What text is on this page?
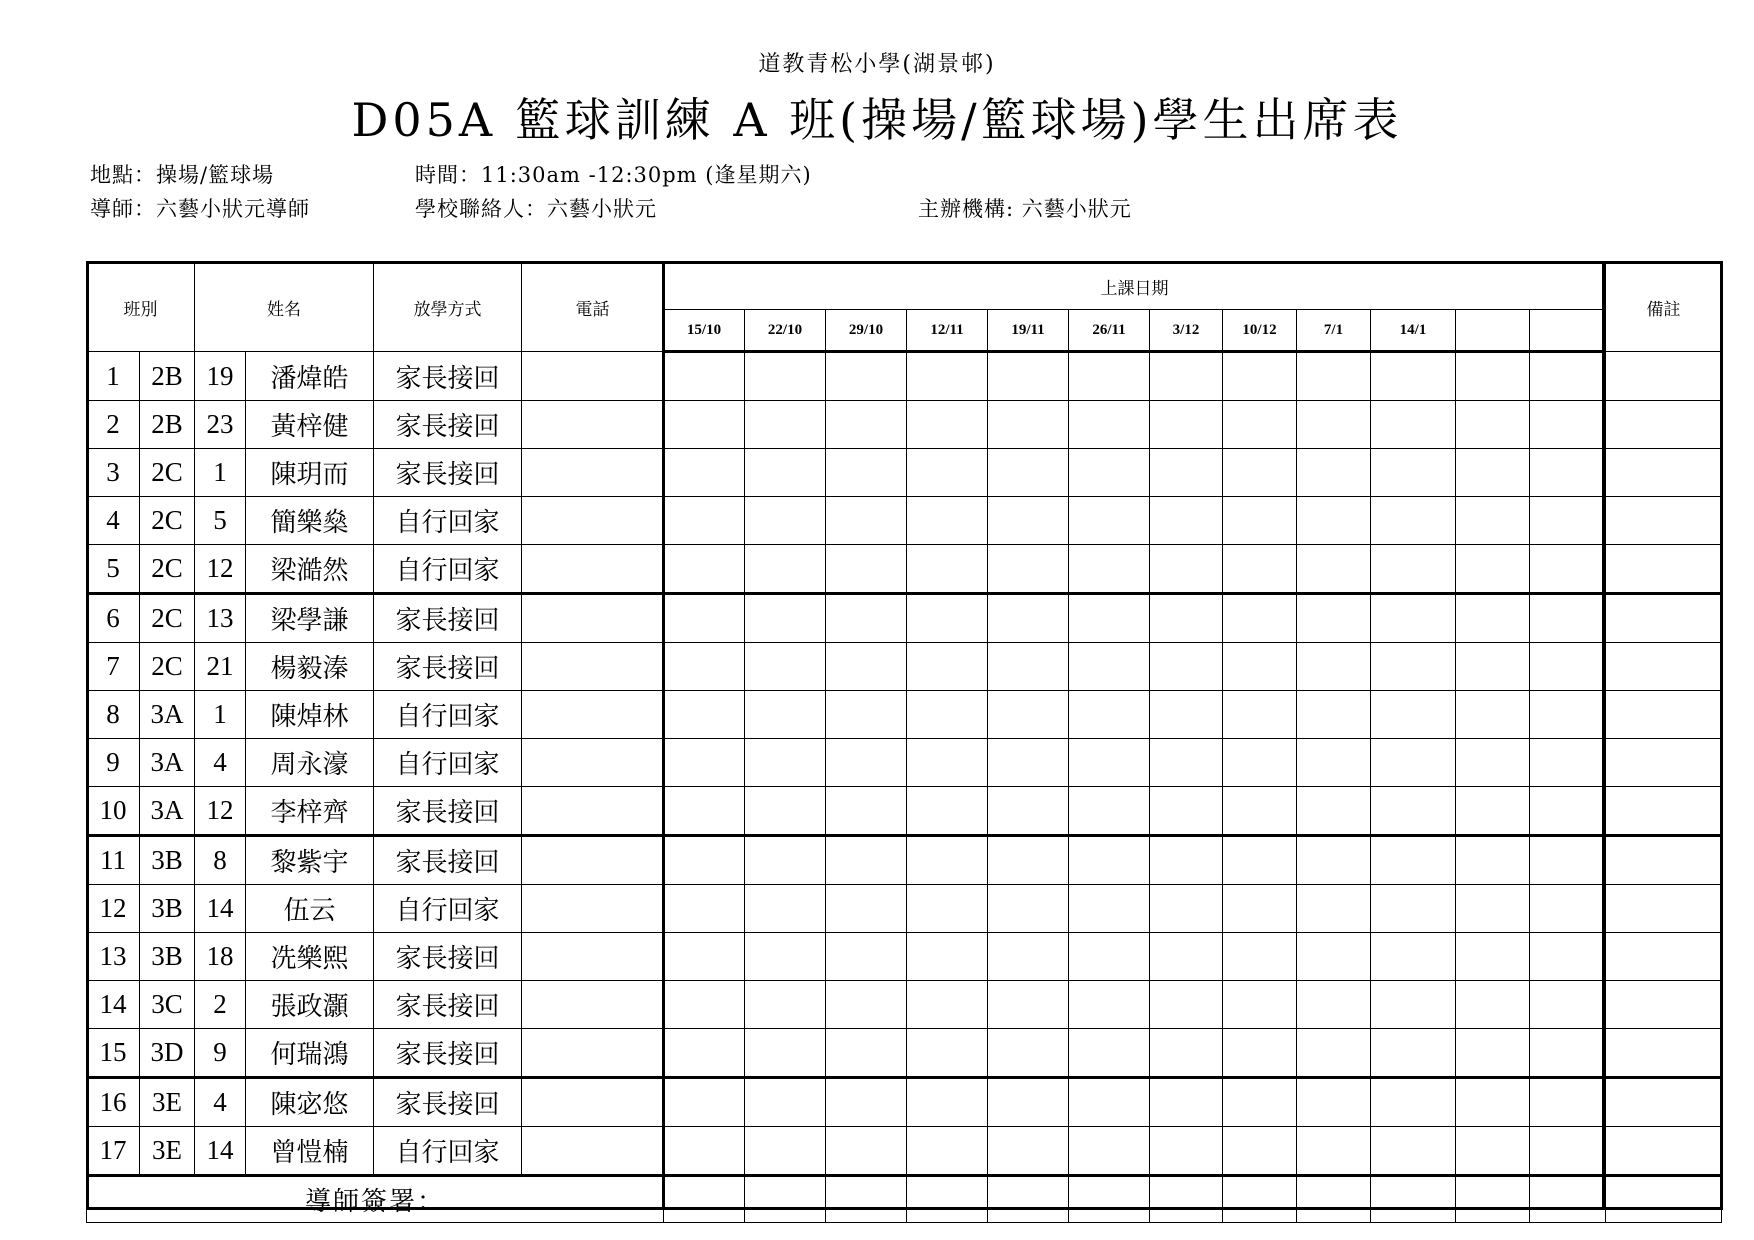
道教青松小學(湖景邨)
D05A 籃球訓練 A 班(操場/籃球場)學生出席表
地點：操場/籃球場	時間：11:30am -12:30pm (逢星期六)
導師：六藝小狀元導師	學校聯絡人：六藝小狀元	主辦機構: 六藝小狀元
班別		姓名		放學方式	電話	上課日期												備註
						15/10	22/10	29/10	12/11	19/11	26/11	3/12	10/12	7/1	14/1			
1	2B	19	潘煒皓	家長接回														
2	2B	23	黃梓健	家長接回														
3	2C	1	陳玥而	家長接回														
4	2C	5	簡樂燊	自行回家														
5	2C	12	梁澔然	自行回家														
6	2C	13	梁學謙	家長接回														
7	2C	21	楊毅溱	家長接回														
8	3A	1	陳焯林	自行回家														
9	3A	4	周永濠	自行回家														
10	3A	12	李梓齊	家長接回														
11	3B	8	黎紫宇	家長接回														
12	3B	14	伍云	自行回家														
13	3B	18	冼樂熙	家長接回														
14	3C	2	張政灝	家長接回														
15	3D	9	何瑞鴻	家長接回														
16	3E	4	陳宓悠	家長接回														
17	3E	14	曾愷楠	自行回家														
導師簽署：																		
